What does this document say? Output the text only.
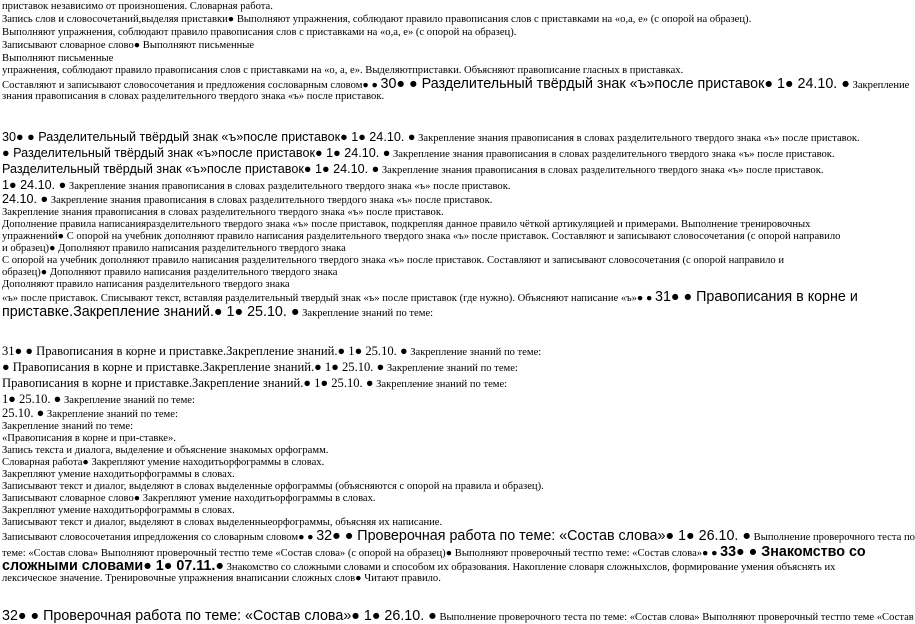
приставок независимо от произношения. Словарная работа.
Запись слов и словосочетаний,выделяя приставки● Выполняют упражнения, соблюдают правило правописания слов с приставками на «о,а, е» (с опорой на образец).
Выполняют упражнения, соблюдают правило правописания слов с приставками на «о,а, е» (с опорой на образец).
Записывают словарное слово● Выполняют письменные
Выполняют письменные
упражнения, соблюдают правило правописания слов с приставками на «о, а, е». Выделяютприставки. Объясняют правописание гласных в приставках.
Составляют и записывают словосочетания и предложения сословарным словом● ● 30● ● Разделительный твёрдый знак «ъ»после приставок● 1● 24.10. ● Закрепление
знания правописания в словах разделительного твердого знака «ъ» после приставок.
30● ● Разделительный твёрдый знак «ъ»после приставок● 1● 24.10. ● Закрепление знания правописания в словах разделительного твердого знака «ъ» после приставок.
● Разделительный твёрдый знак «ъ»после приставок● 1● 24.10. ● Закрепление знания правописания в словах разделительного твердого знака «ъ» после приставок.
Разделительный твёрдый знак «ъ»после приставок● 1● 24.10. ● Закрепление знания правописания в словах разделительного твердого знака «ъ» после приставок.
1● 24.10. ● Закрепление знания правописания в словах разделительного твердого знака «ъ» после приставок.
24.10. ● Закрепление знания правописания в словах разделительного твердого знака «ъ» после приставок.
Закрепление знания правописания в словах разделительного твердого знака «ъ» после приставок.
Дополнение правила написанияразделительного твердого знака «ъ» после приставок, подкрепляя данное правило чёткой артикуляцией и примерами. Выполнение тренировочных
упражнений● С опорой на учебник дополняют правило написания разделительного твердого знака «ъ» после приставок. Составляют и записывают словосочетания (с опорой направило
и образец)● Дополняют правило написания разделительного твердого знака
С опорой на учебник дополняют правило написания разделительного твердого знака «ъ» после приставок. Составляют и записывают словосочетания (с опорой направило и
образец)● Дополняют правило написания разделительного твердого знака
Дополняют правило написания разделительного твердого знака
«ъ» после приставок. Списывают текст, вставляя разделительный твердый знак «ъ» после приставок (где нужно). Объясняют написание «ъ»● ● 31● ● Правописания в корне и
приставке.Закрепление знаний.● 1● 25.10. ● Закрепление знаний по теме:
31● ● Правописания в корне и приставке.Закрепление знаний.● 1● 25.10. ● Закрепление знаний по теме:
● Правописания в корне и приставке.Закрепление знаний.● 1● 25.10. ● Закрепление знаний по теме:
Правописания в корне и приставке.Закрепление знаний.● 1● 25.10. ● Закрепление знаний по теме:
1● 25.10. ● Закрепление знаний по теме:
25.10. ● Закрепление знаний по теме:
Закрепление знаний по теме:
«Правописания в корне и при-ставке».
Запись текста и диалога, выделение и объяснение знакомых орфограмм.
Словарная работа● Закрепляют умение находитьорфограммы в словах.
Закрепляют умение находитьорфограммы в словах.
Записывают текст и диалог, выделяют в словах выделенные орфограммы (объясняются с опорой на правила и образец).
Записывают словарное слово● Закрепляют умение находитьорфограммы в словах.
Закрепляют умение находитьорфограммы в словах.
Записывают текст и диалог, выделяют в словах выделенныеорфограммы, объясняя их написание.
Записывают словосочетания ипредложения со словарным словом● ● 32● ● Проверочная работа по теме: «Состав слова»● 1● 26.10. ● Выполнение проверочного теста по
теме: «Состав слова» Выполняют проверочный тестпо теме «Состав слова» (с опорой на образец)● Выполняют проверочный тестпо теме: «Состав слова»● ● 33● ● Знакомство со
сложными словами● 1● 07.11.● Знакомство со сложными словами и способом их образования. Накопление словаря сложныхслов, формирование умения объяснять их
лексическое значение. Тренировочные упражнения внаписании сложных слов● Читают правило.
32● ● Проверочная работа по теме: «Состав слова»● 1● 26.10. ● Выполнение проверочного теста по теме: «Состав слова» Выполняют проверочный тестпо теме «Состав
